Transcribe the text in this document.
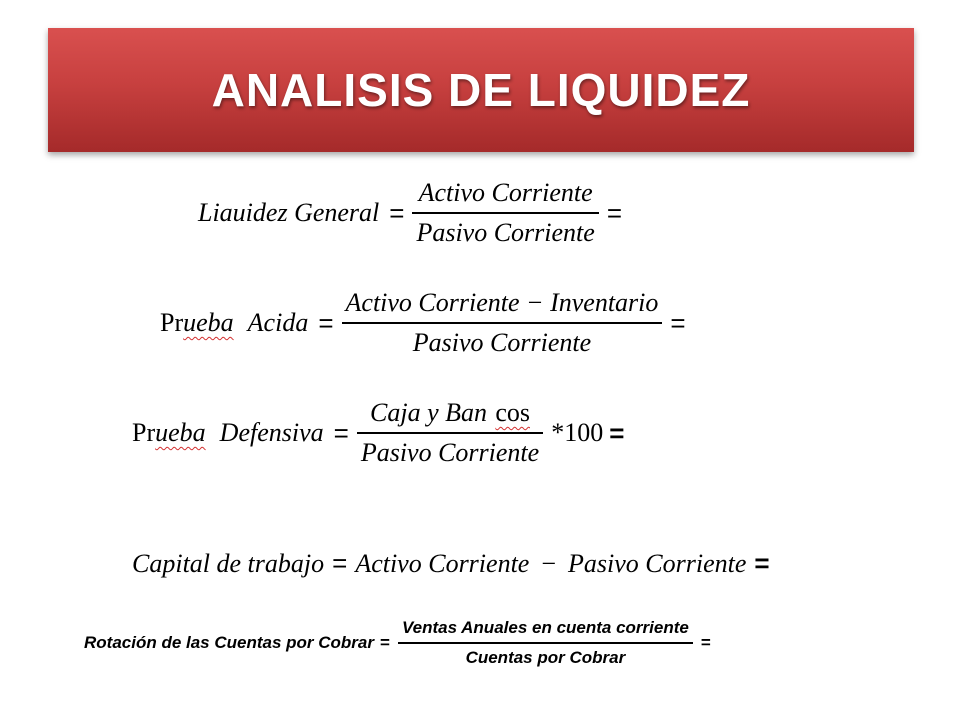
ANALISIS DE LIQUIDEZ
Liauidez General = $\frac{\text{Activo Corriente}}{\text{Pasivo Corriente}}$ =
Pr ueba Acida = $\frac{\text{Activo Corriente − Inventario}}{\text{Pasivo Corriente}}$ =
Pr ueba Defensiva = $\frac{\text{Caja y Ban cos}}{\text{Pasivo Corriente}} *100$ =
Capital de trabajo = Activo Corriente − Pasivo Corriente =
Rotación de las Cuentas por Cobrar = $\frac{\text{Ventas Anuales en cuenta corriente}}{\text{Cuentas por Cobrar}}$ =
